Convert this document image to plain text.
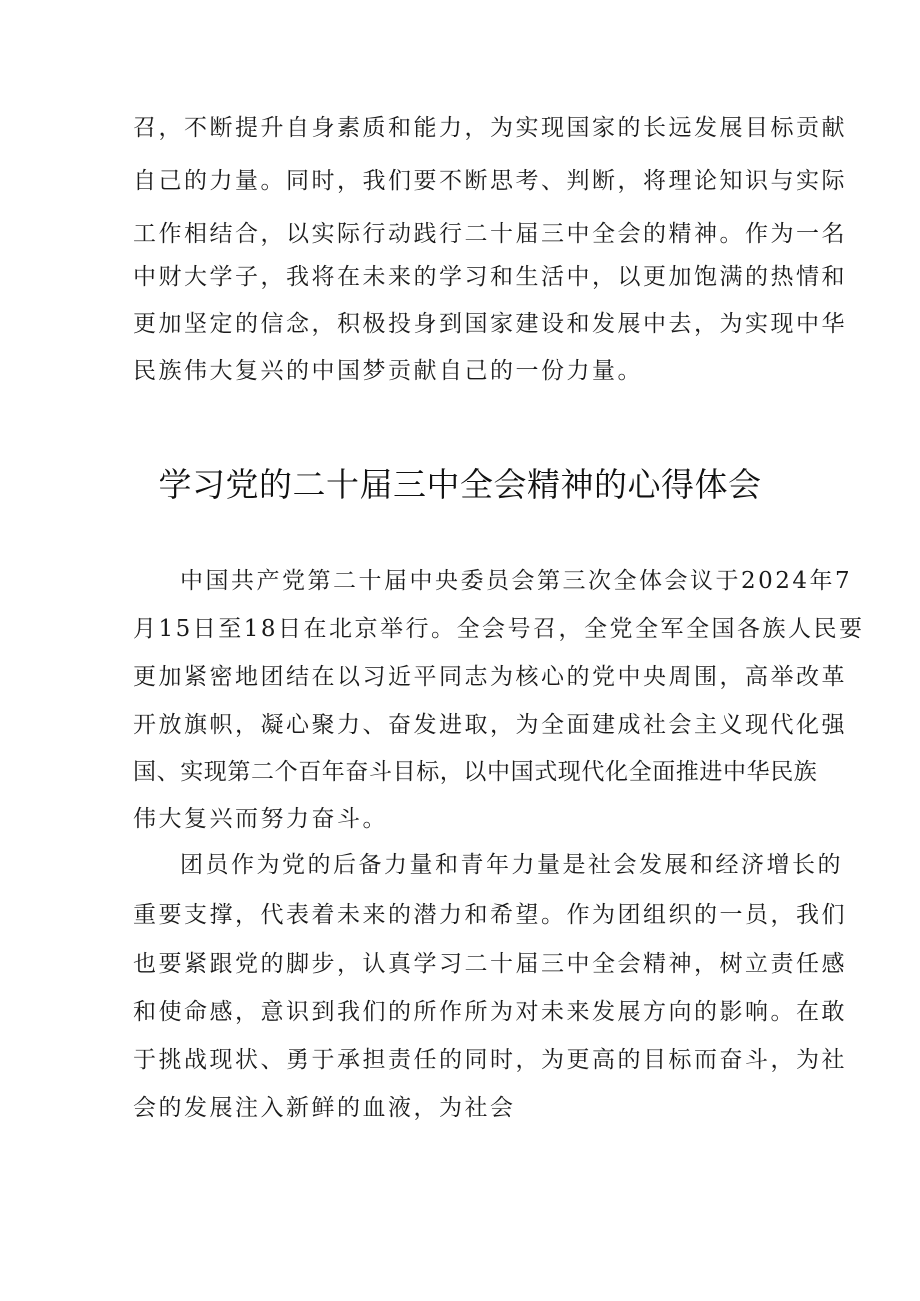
召，不断提升自身素质和能力，为实现国家的长远发展目标贡献
自己的力量。同时，我们要不断思考、判断，将理论知识与实际
工作相结合，以实际行动践行二十届三中全会的精神。作为一名
中财大学子，我将在未来的学习和生活中，以更加饱满的热情和
更加坚定的信念，积极投身到国家建设和发展中去，为实现中华
民族伟大复兴的中国梦贡献自己的一份力量。
学习党的二十届三中全会精神的心得体会
中国共产党第二十届中央委员会第三次全体会议于2024年7
月15日至18日在北京举行。全会号召，全党全军全国各族人民要
更加紧密地团结在以习近平同志为核心的党中央周围，高举改革
开放旗帜，凝心聚力、奋发进取，为全面建成社会主义现代化强
国、实现第二个百年奋斗目标，以中国式现代化全面推进中华民族
伟大复兴而努力奋斗。
团员作为党的后备力量和青年力量是社会发展和经济增长的
重要支撑，代表着未来的潜力和希望。作为团组织的一员，我们
也要紧跟党的脚步，认真学习二十届三中全会精神，树立责任感
和使命感，意识到我们的所作所为对未来发展方向的影响。在敢
于挑战现状、勇于承担责任的同时，为更高的目标而奋斗，为社
会的发展注入新鲜的血液，为社会
